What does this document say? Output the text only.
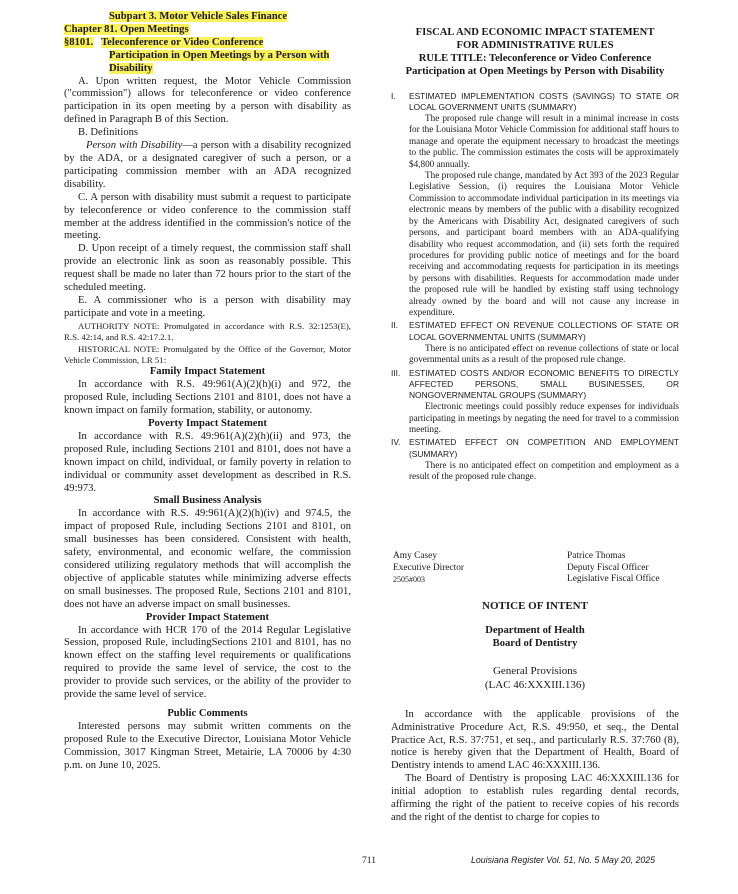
Subpart 3. Motor Vehicle Sales Finance
Chapter 81. Open Meetings
§8101. Teleconference or Video Conference
Participation in Open Meetings by a Person with
Disability

A. Upon written request, the Motor Vehicle Commission ("commission") allows for teleconference or video conference participation in its open meeting by a person with disability as defined in Paragraph B of this Section.

B. Definitions

Person with Disability—a person with a disability recognized by the ADA, or a designated caregiver of such a person, or a participating commission member with an ADA recognized disability.

C. A person with disability must submit a request to participate by teleconference or video conference to the commission staff member at the address identified in the commission's notice of the meeting.

D. Upon receipt of a timely request, the commission staff shall provide an electronic link as soon as reasonably possible. This request shall be made no later than 72 hours prior to the start of the scheduled meeting.

E. A commissioner who is a person with disability may participate and vote in a meeting.

AUTHORITY NOTE: Promulgated in accordance with R.S. 32:1253(E), R.S. 42:14, and R.S. 42:17.2.1.

HISTORICAL NOTE: Promulgated by the Office of the Governor, Motor Vehicle Commission, LR 51:

Family Impact Statement

In accordance with R.S. 49:961(A)(2)(h)(i) and 972, the proposed Rule, including Sections 2101 and 8101, does not have a known impact on family formation, stability, or autonomy.

Poverty Impact Statement

In accordance with R.S. 49:961(A)(2)(h)(ii) and 973, the proposed Rule, including Sections 2101 and 8101, does not have a known impact on child, individual, or family poverty in relation to individual or community asset development as described in R.S. 49:973.

Small Business Analysis

In accordance with R.S. 49:961(A)(2)(h)(iv) and 974.5, the impact of proposed Rule, including Sections 2101 and 8101, on small businesses has been considered. Consistent with health, safety, environmental, and economic welfare, the commission considered utilizing regulatory methods that will accomplish the objective of applicable statutes while minimizing adverse effects on small businesses. The proposed Rule, Sections 2101 and 8101, does not have an adverse impact on small businesses.

Provider Impact Statement

In accordance with HCR 170 of the 2014 Regular Legislative Session, proposed Rule, includingSections 2101 and 8101, has no known effect on the staffing level requirements or qualifications required to provide the same level of service, the cost to the provider to provide such services, or the ability of the provider to provide the same level of service.

Public Comments

Interested persons may submit written comments on the proposed Rule to the Executive Director, Louisiana Motor Vehicle Commission, 3017 Kingman Street, Metairie, LA 70006 by 4:30 p.m. on June 10, 2025.

FISCAL AND ECONOMIC IMPACT STATEMENT
FOR ADMINISTRATIVE RULES
RULE TITLE: Teleconference or Video Conference
Participation at Open Meetings by Person with Disability
I.	ESTIMATED IMPLEMENTATION COSTS (SAVINGS) TO STATE OR LOCAL GOVERNMENT UNITS (SUMMARY)

The proposed rule change will result in a minimal increase in costs for the Louisiana Motor Vehicle Commission for additional staff hours to manage and operate the equipment necessary to broadcast the meetings to the public. The commission estimates the costs will be approximately $4,800 annually.

The proposed rule change, mandated by Act 393 of the 2023 Regular Legislative Session, (i) requires the Louisiana Motor Vehicle Commission to accommodate individual participation in its meetings via electronic means by members of the public with a disability recognized by the Americans with Disability Act, designated caregivers of such persons, and participant board members with an ADA-qualifying disability who request accommodation, and (ii) sets forth the required procedures for providing public notice of meetings and for the board receiving and accommodating requests for participation in its meetings by persons with disabilities. Requests for accommodation made under the proposed rule will be handled by existing staff using technology already owned by the board and will not cause any increase in expenditure.

II.	ESTIMATED EFFECT ON REVENUE COLLECTIONS OF STATE OR LOCAL GOVERNMENTAL UNITS (SUMMARY)

There is no anticipated effect on revenue collections of state or local governmental units as a result of the proposed rule change.

III.	ESTIMATED COSTS AND/OR ECONOMIC BENEFITS TO DIRECTLY AFFECTED PERSONS, SMALL BUSINESSES, OR NONGOVERNMENTAL GROUPS (SUMMARY)

Electronic meetings could possibly reduce expenses for individuals participating in meetings by negating the need for travel to a commission meeting.

IV.	ESTIMATED EFFECT ON COMPETITION AND EMPLOYMENT (SUMMARY)

There is no anticipated effect on competition and employment as a result of the proposed rule change.

Amy Casey
Executive Director
2505#003
Patrice Thomas
Deputy Fiscal Officer
Legislative Fiscal Office
NOTICE OF INTENT
Department of Health
Board of Dentistry
General Provisions
(LAC 46:XXXIII.136)

In accordance with the applicable provisions of the Administrative Procedure Act, R.S. 49:950, et seq., the Dental Practice Act, R.S. 37:751, et seq., and particularly R.S. 37:760 (8), notice is hereby given that the Department of Health, Board of Dentistry intends to amend LAC 46:XXXIII.136.

The Board of Dentistry is proposing LAC 46:XXXIII.136 for initial adoption to establish rules regarding dental records, affirming the right of the patient to receive copies of his records and the right of the dentist to charge for copies to

711	Louisiana Register Vol. 51, No. 5 May 20, 2025
